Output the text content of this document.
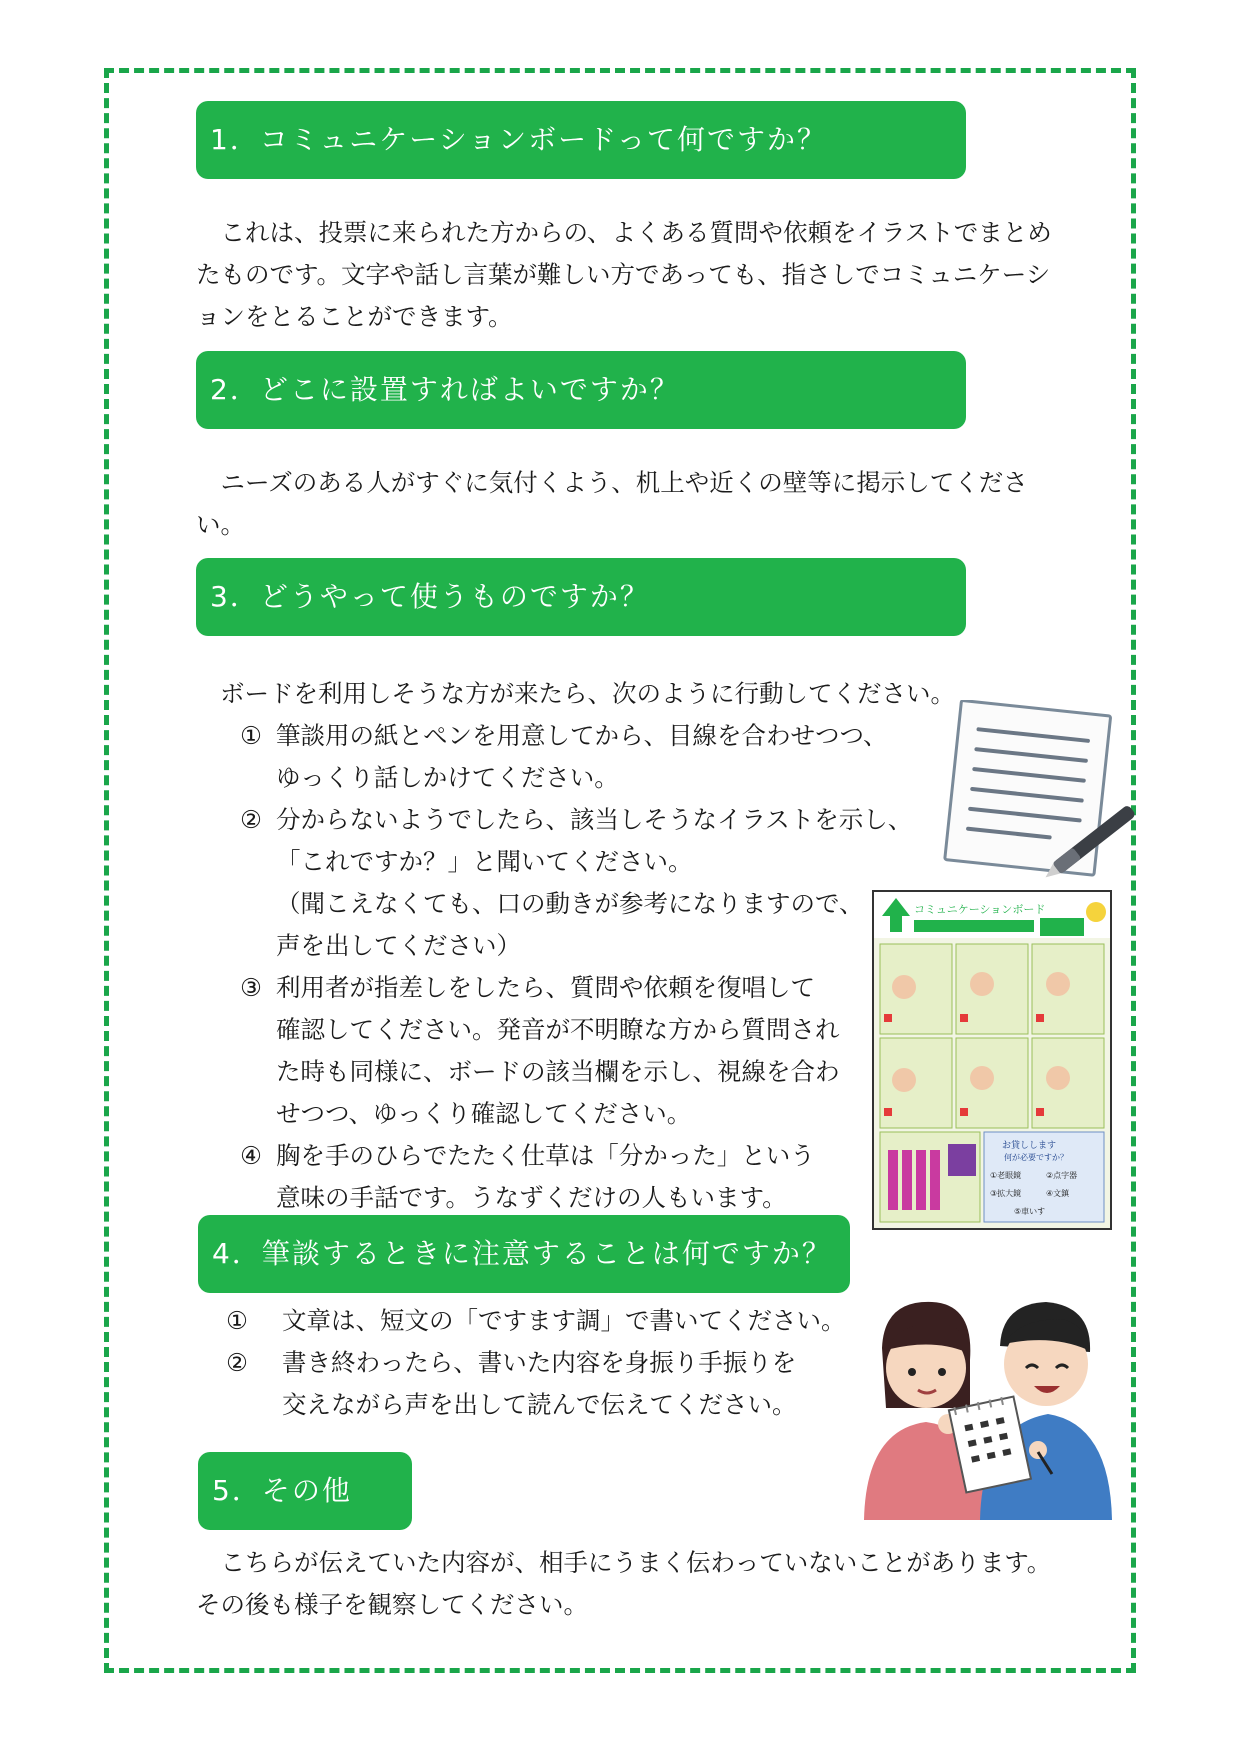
1．コミュニケーションボードって何ですか？
　これは、投票に来られた方からの、よくある質問や依頼をイラストでまとめ
たものです。文字や話し言葉が難しい方であっても、指さしでコミュニケーシ
ョンをとることができます。
2．どこに設置すればよいですか？
　ニーズのある人がすぐに気付くよう、机上や近くの壁等に掲示してくださ
い。
3．どうやって使うものですか？
ボードを利用しそうな方が来たら、次のように行動してください。
① 筆談用の紙とペンを用意してから、目線を合わせつつ、
ゆっくり話しかけてください。
② 分からないようでしたら、該当しそうなイラストを示し、
「これですか？」と聞いてください。
（聞こえなくても、口の動きが参考になりますので、
声を出してください）
③ 利用者が指差しをしたら、質問や依頼を復唱して
確認してください。発音が不明瞭な方から質問され
た時も同様に、ボードの該当欄を示し、視線を合わ
せつつ、ゆっくり確認してください。
④ 胸を手のひらでたたく仕草は「分かった」という
意味の手話です。うなずくだけの人もいます。
コミュニケーションボード
お貸しします
何が必要ですか？
①老眼鏡	②点字器
③拡大鏡	④文鎮
⑤車いす
4．筆談するときに注意することは何ですか？
① 文章は、短文の「ですます調」で書いてください。
② 書き終わったら、書いた内容を身振り手振りを
交えながら声を出して読んで伝えてください。
5．その他
　こちらが伝えていた内容が、相手にうまく伝わっていないことがあります。
その後も様子を観察してください。
